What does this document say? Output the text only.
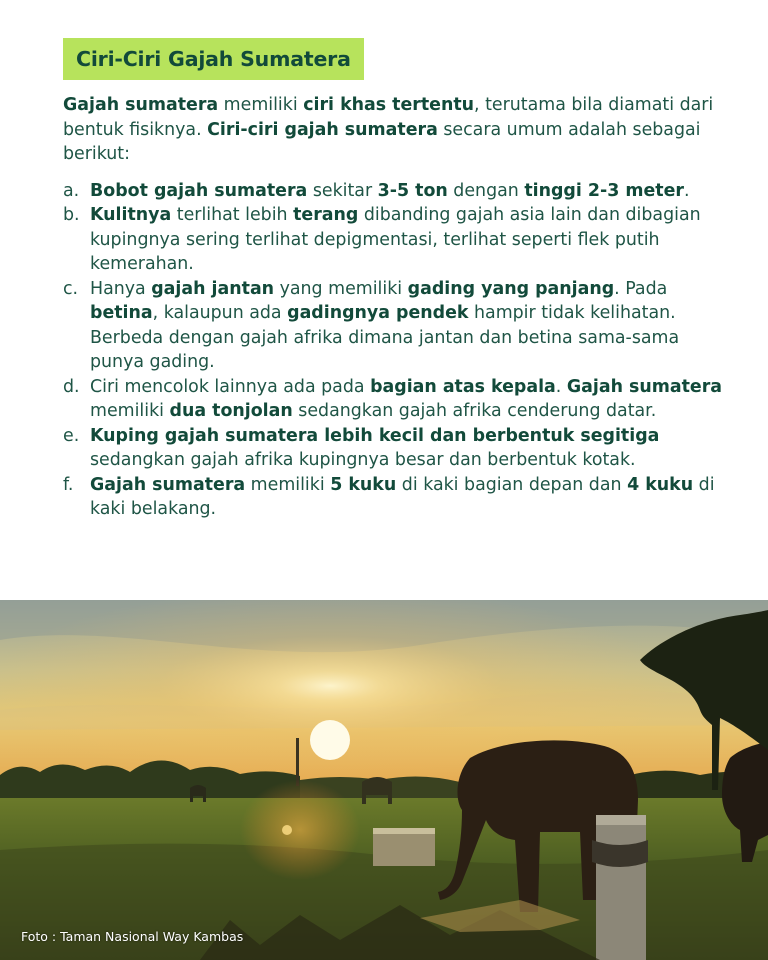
Ciri-Ciri Gajah Sumatera

Gajah sumatera memiliki ciri khas tertentu, terutama bila diamati dari bentuk fisiknya. Ciri-ciri gajah sumatera secara umum adalah sebagai berikut:

a. Bobot gajah sumatera sekitar 3-5 ton dengan tinggi 2-3 meter.
b. Kulitnya terlihat lebih terang dibanding gajah asia lain dan dibagian kupingnya sering terlihat depigmentasi, terlihat seperti flek putih kemerahan.
c. Hanya gajah jantan yang memiliki gading yang panjang. Pada betina, kalaupun ada gadingnya pendek hampir tidak kelihatan. Berbeda dengan gajah afrika dimana jantan dan betina sama-sama punya gading.
d. Ciri mencolok lainnya ada pada bagian atas kepala. Gajah sumatera memiliki dua tonjolan sedangkan gajah afrika cenderung datar.
e. Kuping gajah sumatera lebih kecil dan berbentuk segitiga sedangkan gajah afrika kupingnya besar dan berbentuk kotak.
f. Gajah sumatera memiliki 5 kuku di kaki bagian depan dan 4 kuku di kaki belakang.
Foto : Taman Nasional Way Kambas
